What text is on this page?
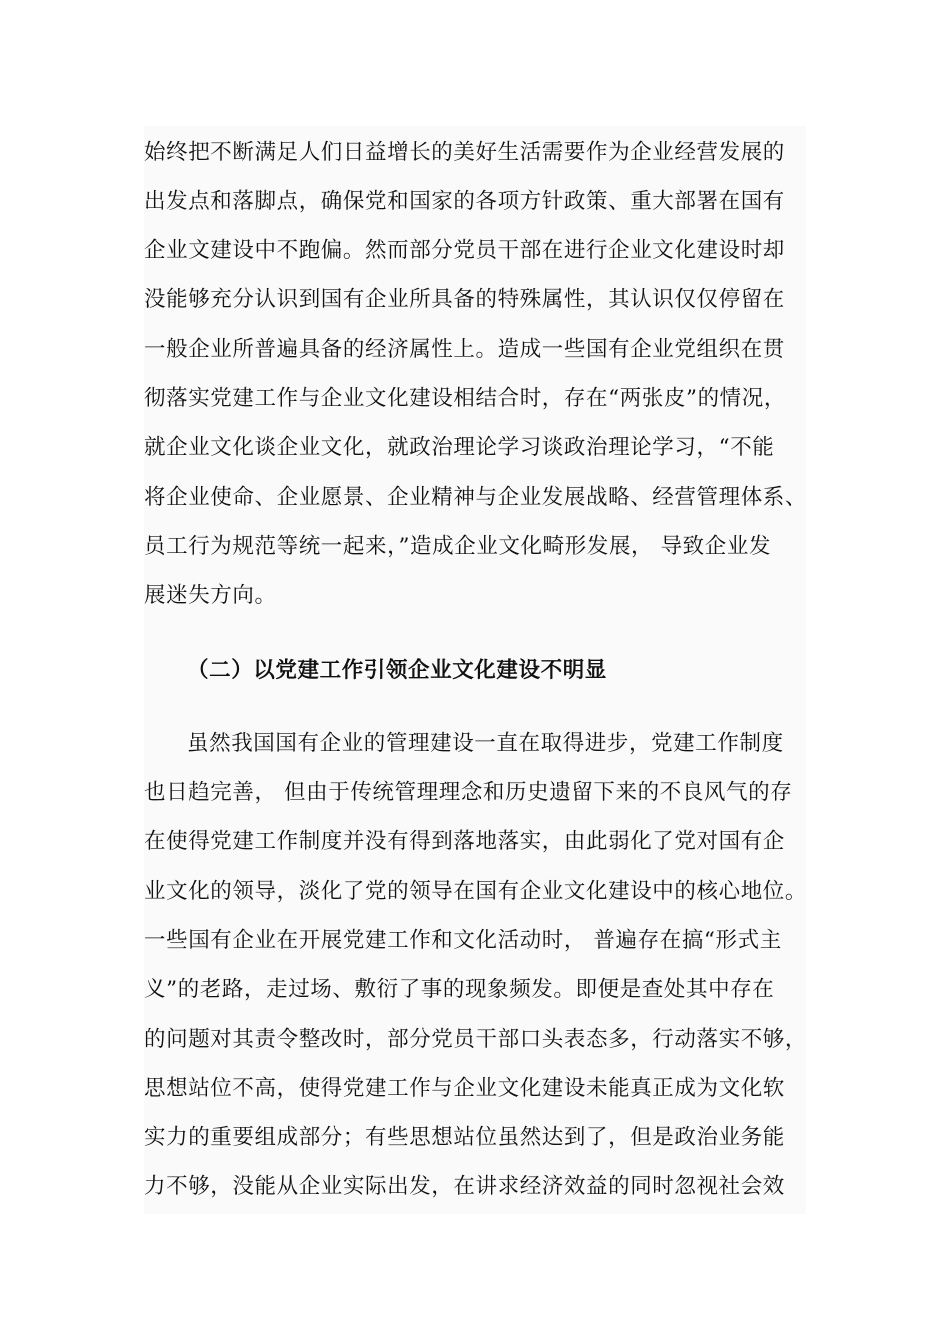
始终把不断满足人们日益增长的美好生活需要作为企业经营发展的
出发点和落脚点，确保党和国家的各项方针政策、重大部署在国有
企业文建设中不跑偏。然而部分党员干部在进行企业文化建设时却
没能够充分认识到国有企业所具备的特殊属性，其认识仅仅停留在
一般企业所普遍具备的经济属性上。造成一些国有企业党组织在贯
彻落实党建工作与企业文化建设相结合时，存在“两张皮”的情况，
就企业文化谈企业文化，就政治理论学习谈政治理论学习，“不能
将企业使命、企业愿景、企业精神与企业发展战略、经营管理体系、
员工行为规范等统一起来，”造成企业文化畸形发展， 导致企业发
展迷失方向。
（二）以党建工作引领企业文化建设不明显
虽然我国国有企业的管理建设一直在取得进步，党建工作制度
也日趋完善， 但由于传统管理理念和历史遗留下来的不良风气的存
在使得党建工作制度并没有得到落地落实，由此弱化了党对国有企
业文化的领导，淡化了党的领导在国有企业文化建设中的核心地位。
一些国有企业在开展党建工作和文化活动时， 普遍存在搞“形式主
义”的老路，走过场、敷衍了事的现象频发。即便是查处其中存在
的问题对其责令整改时，部分党员干部口头表态多，行动落实不够，
思想站位不高，使得党建工作与企业文化建设未能真正成为文化软
实力的重要组成部分；有些思想站位虽然达到了，但是政治业务能
力不够，没能从企业实际出发，在讲求经济效益的同时忽视社会效
